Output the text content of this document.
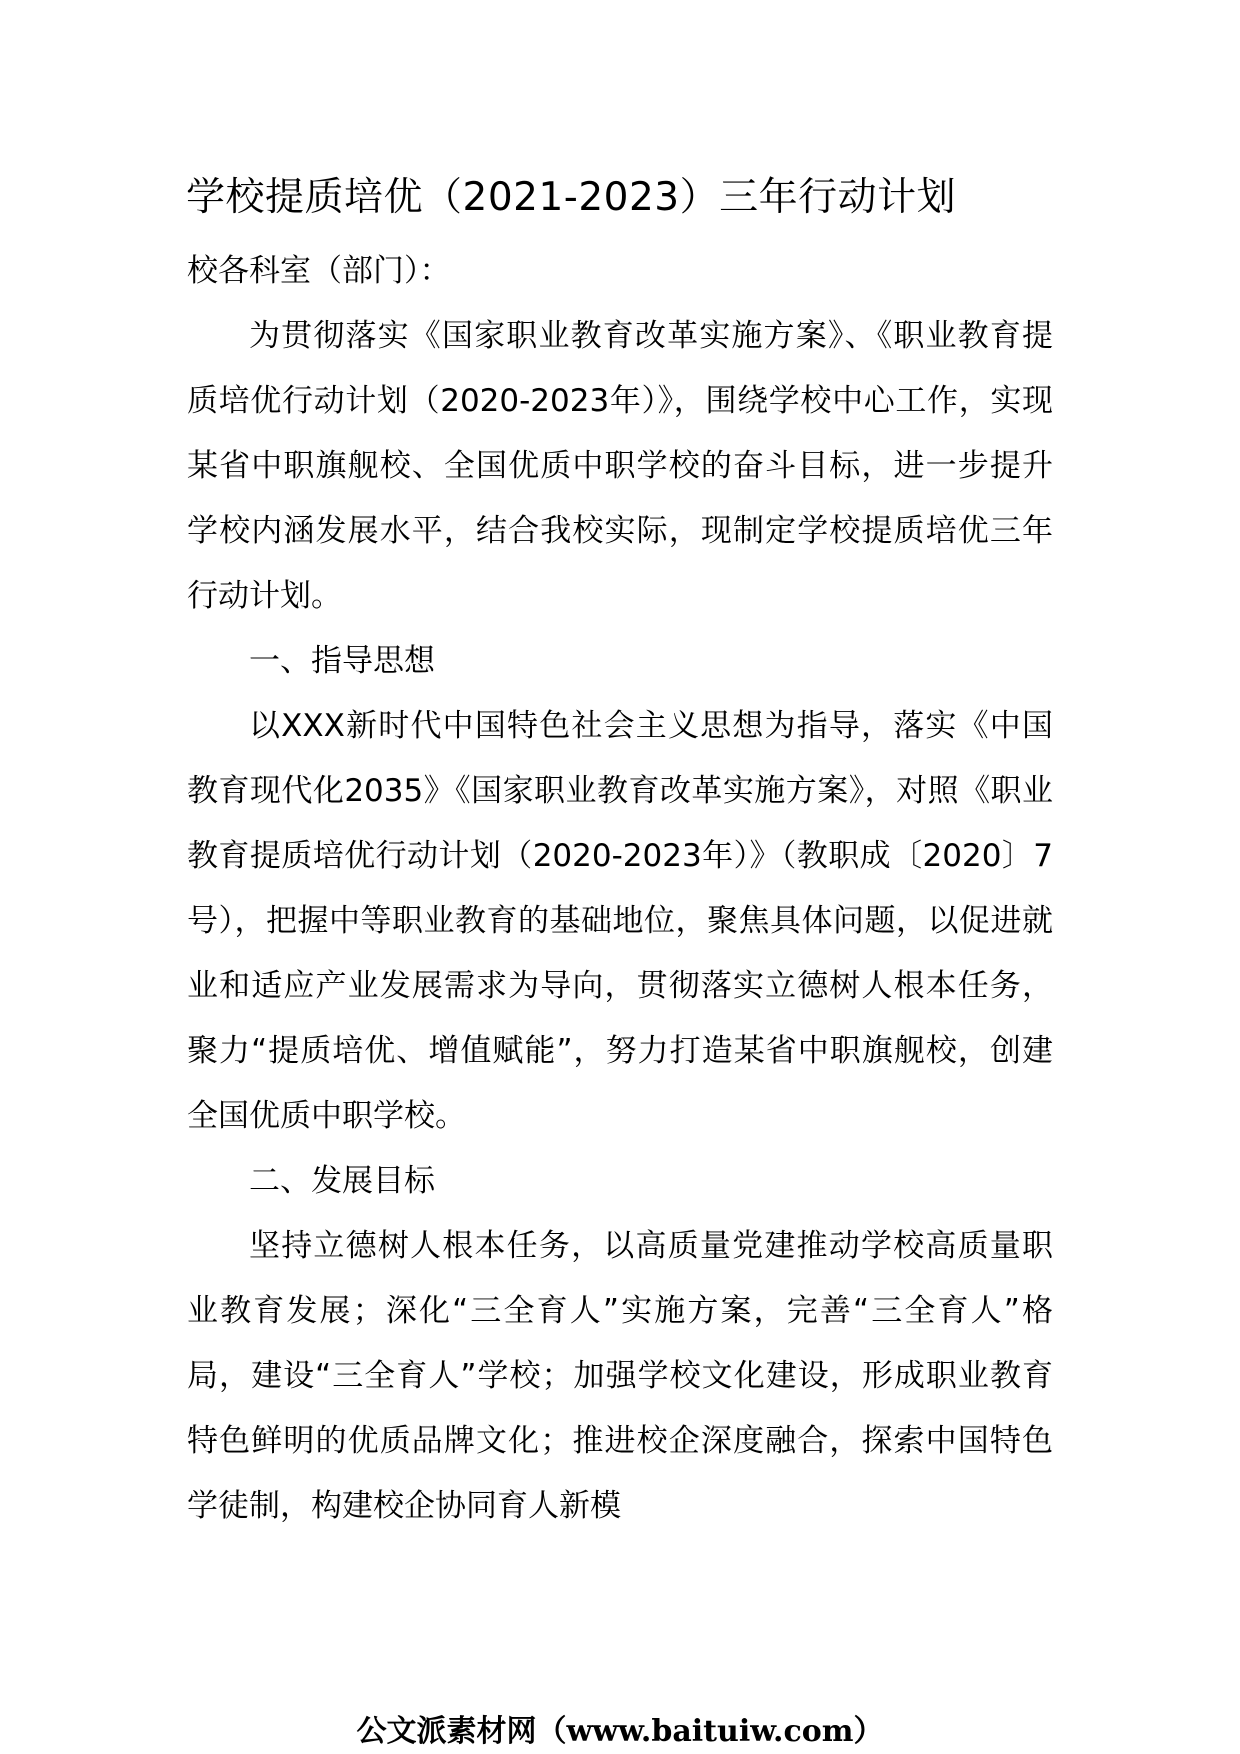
学校提质培优（2021-2023）三年行动计划

校各科室（部门）：

为贯彻落实《国家职业教育改革实施方案》、《职业教育提质培优行动计划（2020-2023年）》，围绕学校中心工作，实现某省中职旗舰校、全国优质中职学校的奋斗目标，进一步提升学校内涵发展水平，结合我校实际，现制定学校提质培优三年行动计划。

一、指导思想

以XXX新时代中国特色社会主义思想为指导，落实《中国教育现代化2035》《国家职业教育改革实施方案》，对照《职业教育提质培优行动计划（2020-2023年）》（教职成〔2020〕7号），把握中等职业教育的基础地位，聚焦具体问题，以促进就业和适应产业发展需求为导向，贯彻落实立德树人根本任务，聚力“提质培优、增值赋能”，努力打造某省中职旗舰校，创建全国优质中职学校。

二、发展目标

坚持立德树人根本任务，以高质量党建推动学校高质量职业教育发展；深化“三全育人”实施方案，完善“三全育人”格局，建设“三全育人”学校；加强学校文化建设，形成职业教育特色鲜明的优质品牌文化；推进校企深度融合，探索中国特色学徒制，构建校企协同育人新模

公文派素材网（www.baituiw.com）
